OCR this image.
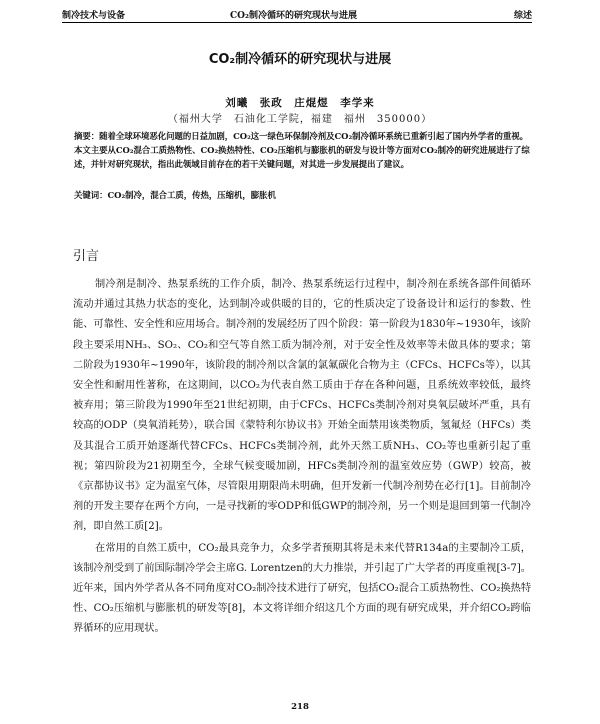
制冷技术与设备	CO₂制冷循环的研究现状与进展	综述
CO₂制冷循环的研究现状与进展
刘曦　张政　庄焜煜　李学来
（福州大学　石油化工学院，福建　福州　350000）
摘要：随着全球环境恶化问题的日益加剧，CO₂这一绿色环保制冷剂及CO₂制冷循环系统已重新引起了国内外学者的重视。本文主要从CO₂混合工质热物性、CO₂换热特性、CO₂压缩机与膨胀机的研发与设计等方面对CO₂制冷的研究进展进行了综述，并针对研究现状，指出此领域目前存在的若干关键问题，对其进一步发展提出了建议。
关键词：CO₂制冷，混合工质，传热，压缩机，膨胀机
引言

制冷剂是制冷、热泵系统的工作介质，制冷、热泵系统运行过程中，制冷剂在系统各部件间循环流动并通过其热力状态的变化，达到制冷或供暖的目的，它的性质决定了设备设计和运行的参数、性能、可靠性、安全性和应用场合。制冷剂的发展经历了四个阶段：第一阶段为1830年~1930年，该阶段主要采用NH₃、SO₂、CO₂和空气等自然工质为制冷剂，对于安全性及效率等未做具体的要求；第二阶段为1930年~1990年，该阶段的制冷剂以含氯的氯氟碳化合物为主（CFCs、HCFCs等），以其安全性和耐用性著称，在这期间，以CO₂为代表自然工质由于存在各种问题，且系统效率较低，最终被弃用；第三阶段为1990年至21世纪初期，由于CFCs、HCFCs类制冷剂对臭氧层破坏严重，具有较高的ODP（臭氧消耗势），联合国《蒙特利尔协议书》开始全面禁用该类物质，氢氟烃（HFCs）类及其混合工质开始逐渐代替CFCs、HCFCs类制冷剂，此外天然工质NH₃、CO₂等也重新引起了重视；第四阶段为21初期至今，全球气候变暖加剧，HFCs类制冷剂的温室效应势（GWP）较高，被《京都协议书》定为温室气体，尽管限用期限尚未明确，但开发新一代制冷剂势在必行[1]。目前制冷剂的开发主要存在两个方向，一是寻找新的零ODP和低GWP的制冷剂，另一个则是退回到第一代制冷剂，即自然工质[2]。

在常用的自然工质中，CO₂最具竞争力，众多学者预期其将是未来代替R134a的主要制冷工质，该制冷剂受到了前国际制冷学会主席G. Lorentzen的大力推崇，并引起了广大学者的再度重视[3-7]。近年来，国内外学者从各不同角度对CO₂制冷技术进行了研究，包括CO₂混合工质热物性、CO₂换热特性、CO₂压缩机与膨胀机的研发等[8]，本文将详细介绍这几个方面的现有研究成果，并介绍CO₂跨临界循环的应用现状。

218
